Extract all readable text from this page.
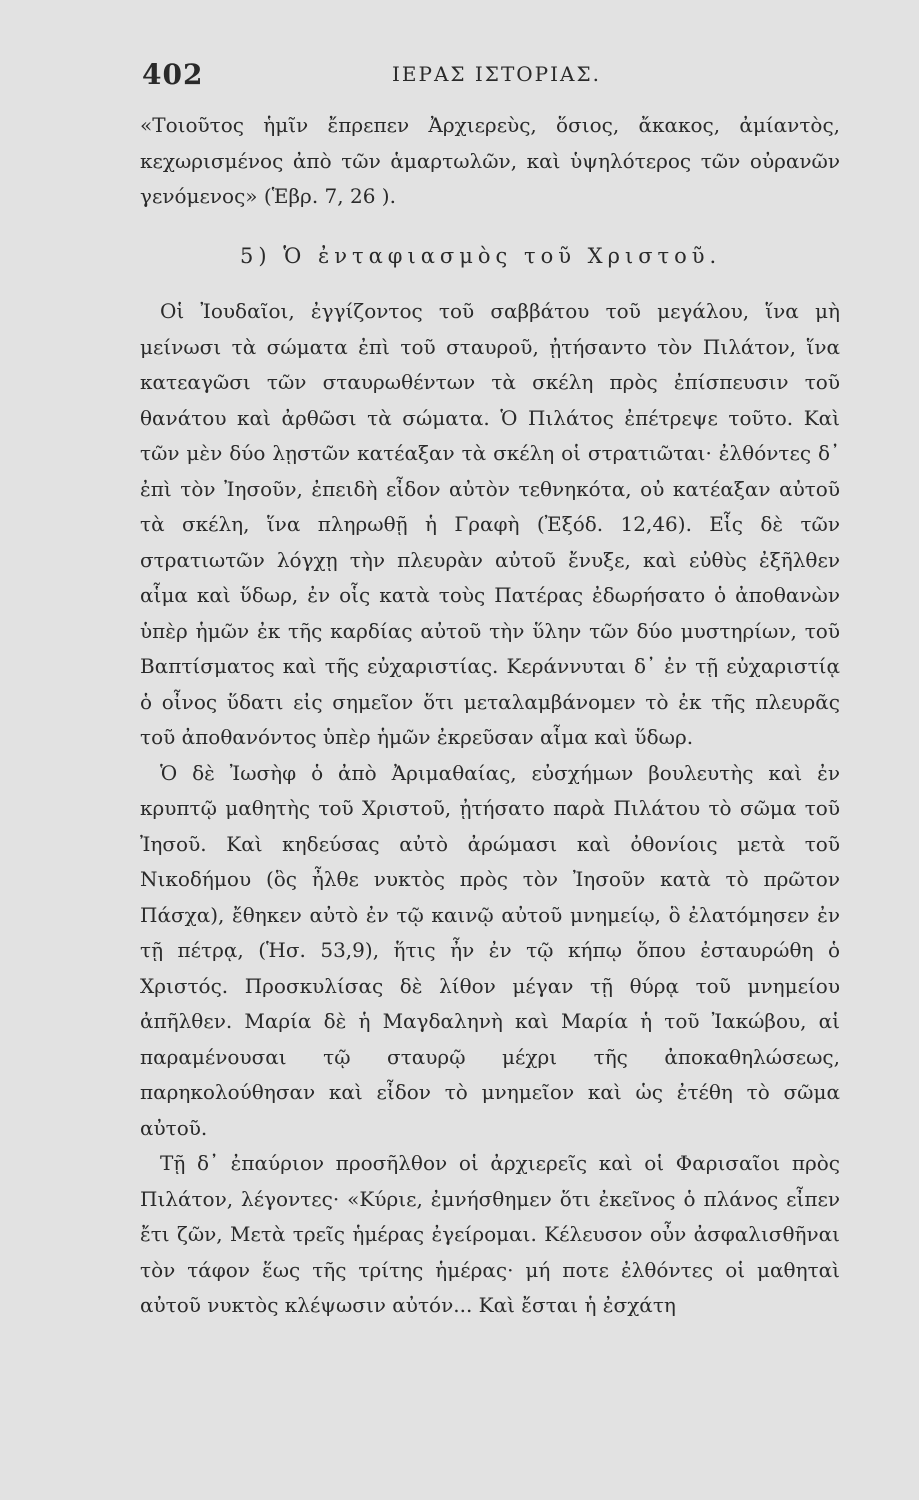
402	ΙΕΡΑΣ ΙΣΤΟΡΙΑΣ.

«Τοιοῦτος ἡμῖν ἔπρεπεν Ἀρχιερεὺς, ὅσιος, ἄκακος, ἀμίαντὸς, κεχωρισμένος ἀπὸ τῶν ἁμαρτωλῶν, καὶ ὑψηλότερος τῶν οὐρανῶν γενόμενος» (Ἑβρ. 7, 26 ).

5) Ὁ ἐνταφιασμὸς τοῦ Χριστοῦ.

Οἱ Ἰουδαῖοι, ἐγγίζοντος τοῦ σαββάτου τοῦ μεγάλου, ἵνα μὴ μείνωσι τὰ σώματα ἐπὶ τοῦ σταυροῦ, ᾐτήσαντο τὸν Πιλάτον, ἵνα κατεαγῶσι τῶν σταυρωθέντων τὰ σκέλη πρὸς ἐπίσπευσιν τοῦ θανάτου καὶ ἀρθῶσι τὰ σώματα. Ὁ Πιλάτος ἐπέτρεψε τοῦτο. Καὶ τῶν μὲν δύο λῃστῶν κατέαξαν τὰ σκέλη οἱ στρατιῶται· ἐλθόντες δ᾽ ἐπὶ τὸν Ἰησοῦν, ἐπειδὴ εἶδον αὐτὸν τεθνηκότα, οὐ κατέαξαν αὐτοῦ τὰ σκέλη, ἵνα πληρωθῇ ἡ Γραφὴ (Ἐξόδ. 12,46). Εἷς δὲ τῶν στρατιωτῶν λόγχῃ τὴν πλευρὰν αὐτοῦ ἔνυξε, καὶ εὐθὺς ἐξῆλθεν αἷμα καὶ ὕδωρ, ἐν οἷς κατὰ τοὺς Πατέρας ἐδωρήσατο ὁ ἀποθανὼν ὑπὲρ ἡμῶν ἐκ τῆς καρδίας αὐτοῦ τὴν ὕλην τῶν δύο μυστηρίων, τοῦ Βαπτίσματος καὶ τῆς εὐχαριστίας. Κεράννυται δ᾽ ἐν τῇ εὐχαριστίᾳ ὁ οἶνος ὕδατι εἰς σημεῖον ὅτι μεταλαμβάνομεν τὸ ἐκ τῆς πλευρᾶς τοῦ ἀποθανόντος ὑπὲρ ἡμῶν ἐκρεῦσαν αἷμα καὶ ὕδωρ.

Ὁ δὲ Ἰωσὴφ ὁ ἀπὸ Ἀριμαθαίας, εὐσχήμων βουλευτὴς καὶ ἐν κρυπτῷ μαθητὴς τοῦ Χριστοῦ, ᾐτήσατο παρὰ Πιλάτου τὸ σῶμα τοῦ Ἰησοῦ. Καὶ κηδεύσας αὐτὸ ἀρώμασι καὶ ὀθονίοις μετὰ τοῦ Νικοδήμου (ὃς ἦλθε νυκτὸς πρὸς τὸν Ἰησοῦν κατὰ τὸ πρῶτον Πάσχα), ἔθηκεν αὐτὸ ἐν τῷ καινῷ αὐτοῦ μνημείῳ, ὃ ἐλατόμησεν ἐν τῇ πέτρᾳ, (Ἡσ. 53,9), ἥτις ἦν ἐν τῷ κήπῳ ὅπου ἐσταυρώθη ὁ Χριστός. Προσκυλίσας δὲ λίθον μέγαν τῇ θύρᾳ τοῦ μνημείου ἀπῆλθεν. Μαρία δὲ ἡ Μαγδαληνὴ καὶ Μαρία ἡ τοῦ Ἰακώβου, αἱ παραμένουσαι τῷ σταυρῷ μέχρι τῆς ἀποκαθηλώσεως, παρηκολούθησαν καὶ εἶδον τὸ μνημεῖον καὶ ὡς ἐτέθη τὸ σῶμα αὐτοῦ.

Τῇ δ᾽ ἐπαύριον προσῆλθον οἱ ἀρχιερεῖς καὶ οἱ Φαρισαῖοι πρὸς Πιλάτον, λέγοντες· «Κύριε, ἐμνήσθημεν ὅτι ἐκεῖνος ὁ πλάνος εἶπεν ἔτι ζῶν, Μετὰ τρεῖς ἡμέρας ἐγείρομαι. Κέλευσον οὖν ἀσφαλισθῆναι τὸν τάφον ἕως τῆς τρίτης ἡμέρας· μή ποτε ἐλθόντες οἱ μαθηταὶ αὐτοῦ νυκτὸς κλέψωσιν αὐτόν... Καὶ ἔσται ἡ ἐσχάτη
